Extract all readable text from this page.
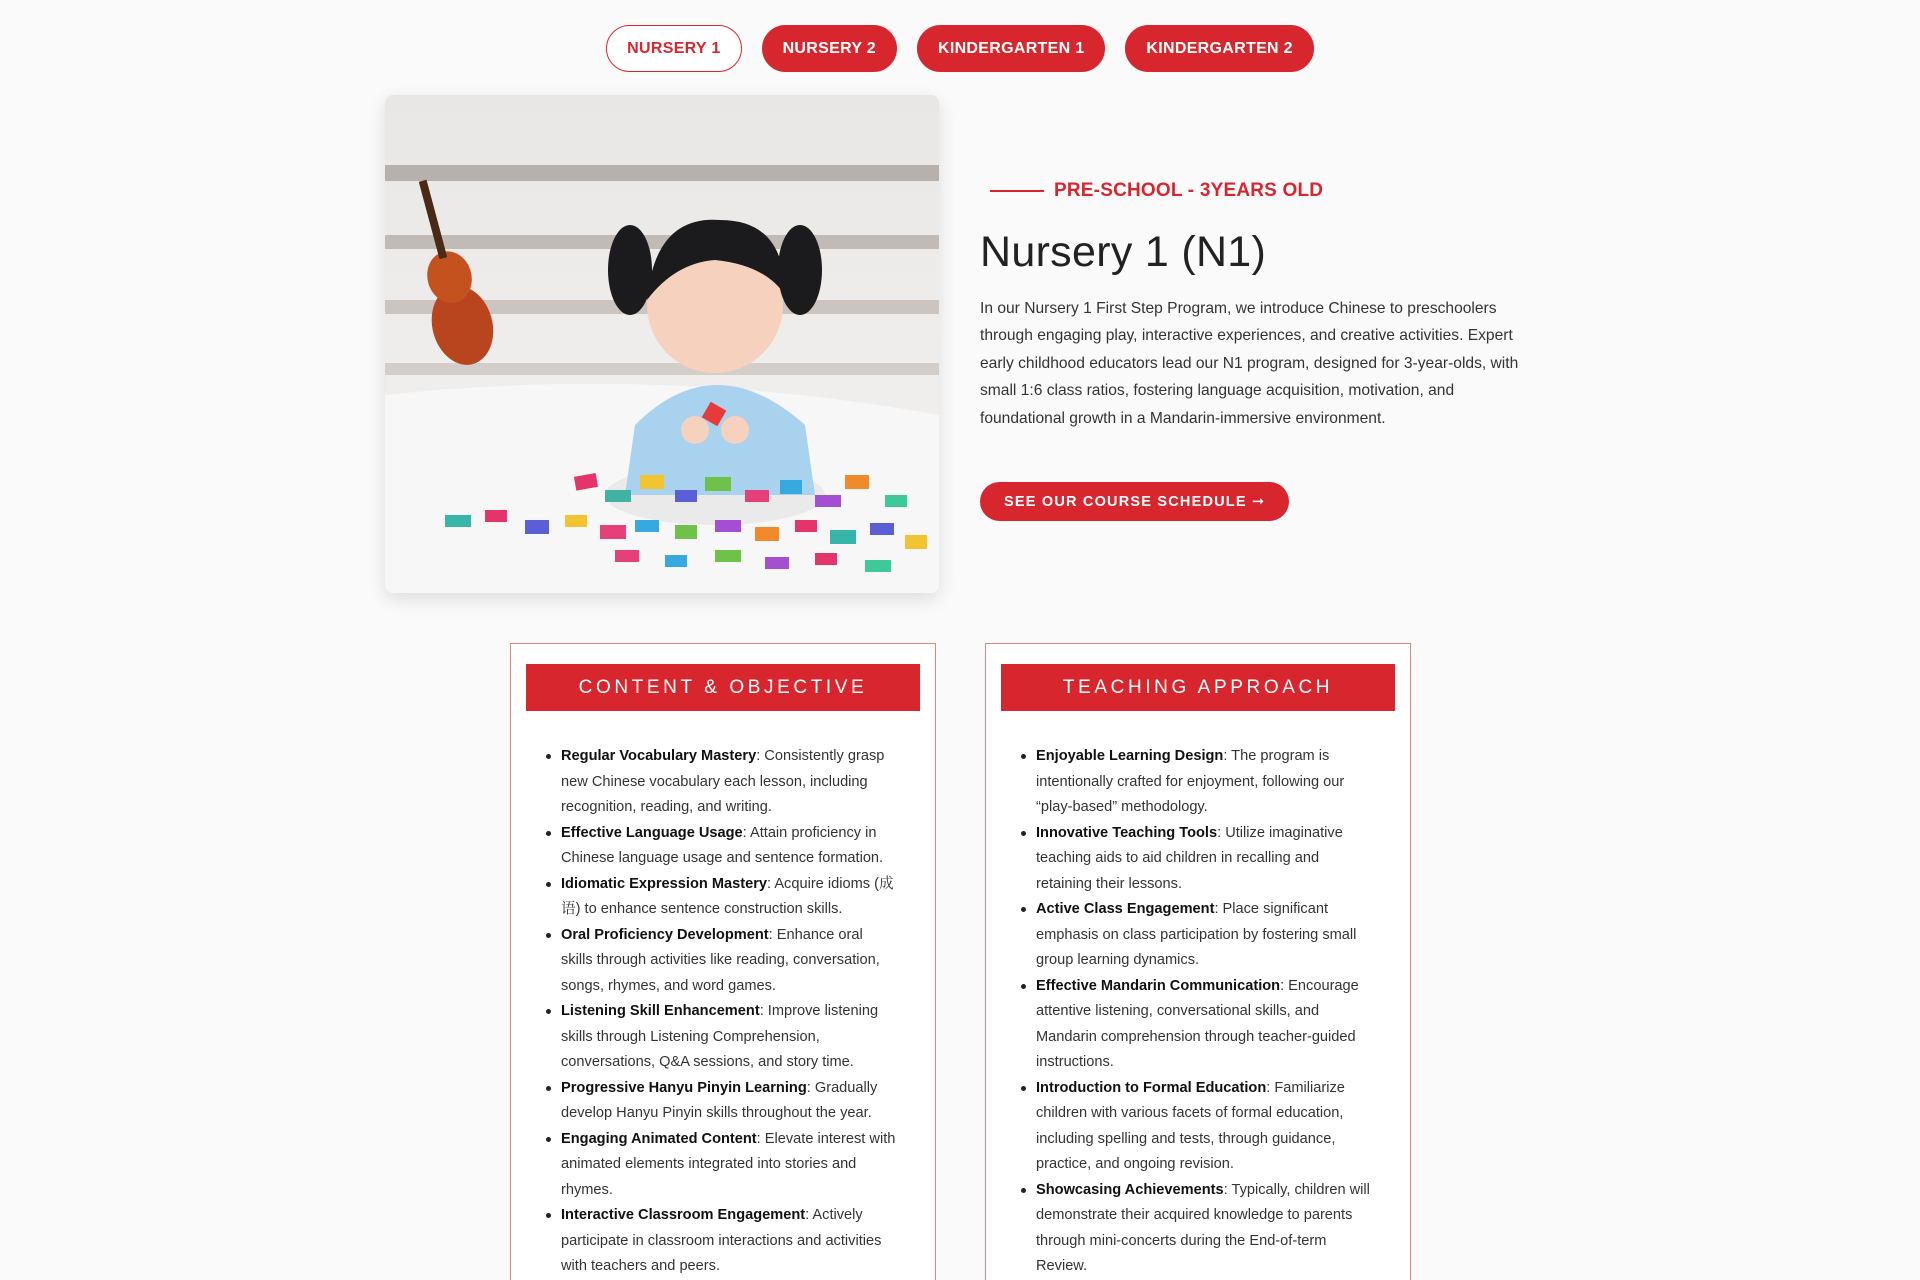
NURSERY 1	NURSERY 2	KINDERGARTEN 1	KINDERGARTEN 2
PRE-SCHOOL - 3YEARS OLD
Nursery 1 (N1)

In our Nursery 1 First Step Program, we introduce Chinese to preschoolers through engaging play, interactive experiences, and creative activities. Expert early childhood educators lead our N1 program, designed for 3-year-olds, with small 1:6 class ratios, fostering language acquisition, motivation, and foundational growth in a Mandarin-immersive environment.

SEE OUR COURSE SCHEDULE ➞
CONTENT & OBJECTIVE
Regular Vocabulary Mastery: Consistently grasp new Chinese vocabulary each lesson, including recognition, reading, and writing.
Effective Language Usage: Attain proficiency in Chinese language usage and sentence formation.
Idiomatic Expression Mastery: Acquire idioms (成语) to enhance sentence construction skills.
Oral Proficiency Development: Enhance oral skills through activities like reading, conversation, songs, rhymes, and word games.
Listening Skill Enhancement: Improve listening skills through Listening Comprehension, conversations, Q&A sessions, and story time.
Progressive Hanyu Pinyin Learning: Gradually develop Hanyu Pinyin skills throughout the year.
Engaging Animated Content: Elevate interest with animated elements integrated into stories and rhymes.
Interactive Classroom Engagement: Actively participate in classroom interactions and activities with teachers and peers.
TEACHING APPROACH
Enjoyable Learning Design: The program is intentionally crafted for enjoyment, following our “play-based” methodology.
Innovative Teaching Tools: Utilize imaginative teaching aids to aid children in recalling and retaining their lessons.
Active Class Engagement: Place significant emphasis on class participation by fostering small group learning dynamics.
Effective Mandarin Communication: Encourage attentive listening, conversational skills, and Mandarin comprehension through teacher-guided instructions.
Introduction to Formal Education: Familiarize children with various facets of formal education, including spelling and tests, through guidance, practice, and ongoing revision.
Showcasing Achievements: Typically, children will demonstrate their acquired knowledge to parents through mini-concerts during the End-of-term Review.
